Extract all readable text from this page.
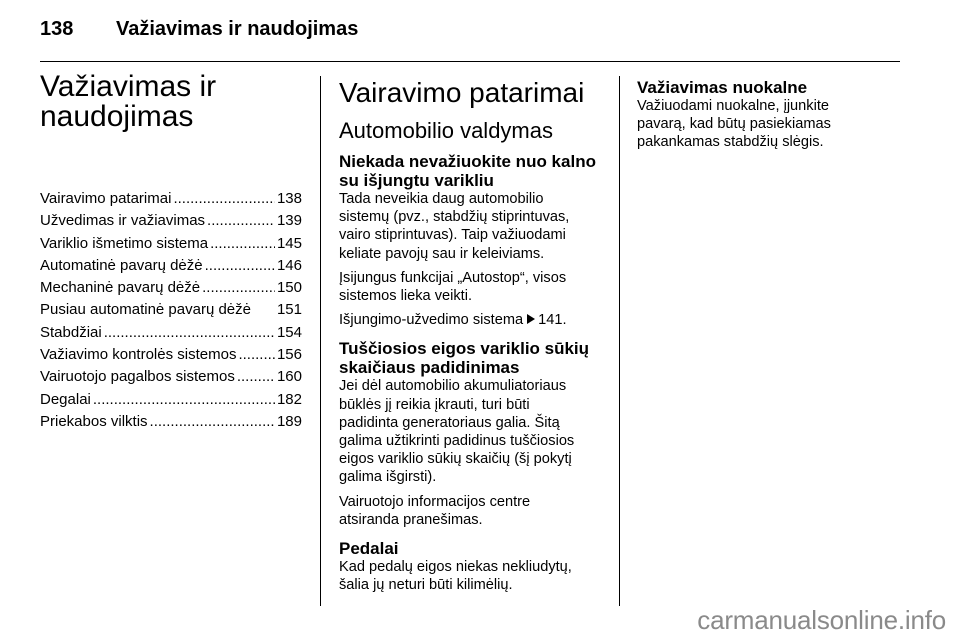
138 Važiavimas ir naudojimas
Važiavimas ir
naudojimas
Vairavimo patarimai .....	138
Užvedimas ir važiavimas .....	139
Variklio išmetimo sistema .....	145
Automatinė pavarų dėžė .....	146
Mechaninė pavarų dėžė .....	150
Pusiau automatinė pavarų dėžė 151
Stabdžiai .....	154
Važiavimo kontrolės sistemos .....	156
Vairuotojo pagalbos sistemos .....	160
Degalai .....	182
Priekabos vilktis .....	189
Vairavimo patarimai
Automobilio valdymas
Niekada nevažiuokite nuo kalno
su išjungtu varikliu

Tada neveikia daug automobilio
sistemų (pvz., stabdžių stiprintuvas,
vairo stiprintuvas). Taip važiuodami
keliate pavojų sau ir keleiviams.

Įsijungus funkcijai „Autostop“, visos
sistemos lieka veikti.

Išjungimo-užvedimo sistema 141.

Tuščiosios eigos variklio sūkių
skaičiaus padidinimas

Jei dėl automobilio akumuliatoriaus
būklės jį reikia įkrauti, turi būti
padidinta generatoriaus galia. Šitą
galima užtikrinti padidinus tuščiosios
eigos variklio sūkių skaičių (šį pokytį
galima išgirsti).

Vairuotojo informacijos centre
atsiranda pranešimas.

Pedalai

Kad pedalų eigos niekas nekliudytų,
šalia jų neturi būti kilimėlių.

Važiavimas nuokalne

Važiuodami nuokalne, įjunkite
pavarą, kad būtų pasiekiamas
pakankamas stabdžių slėgis.

carmanualsonline.info
